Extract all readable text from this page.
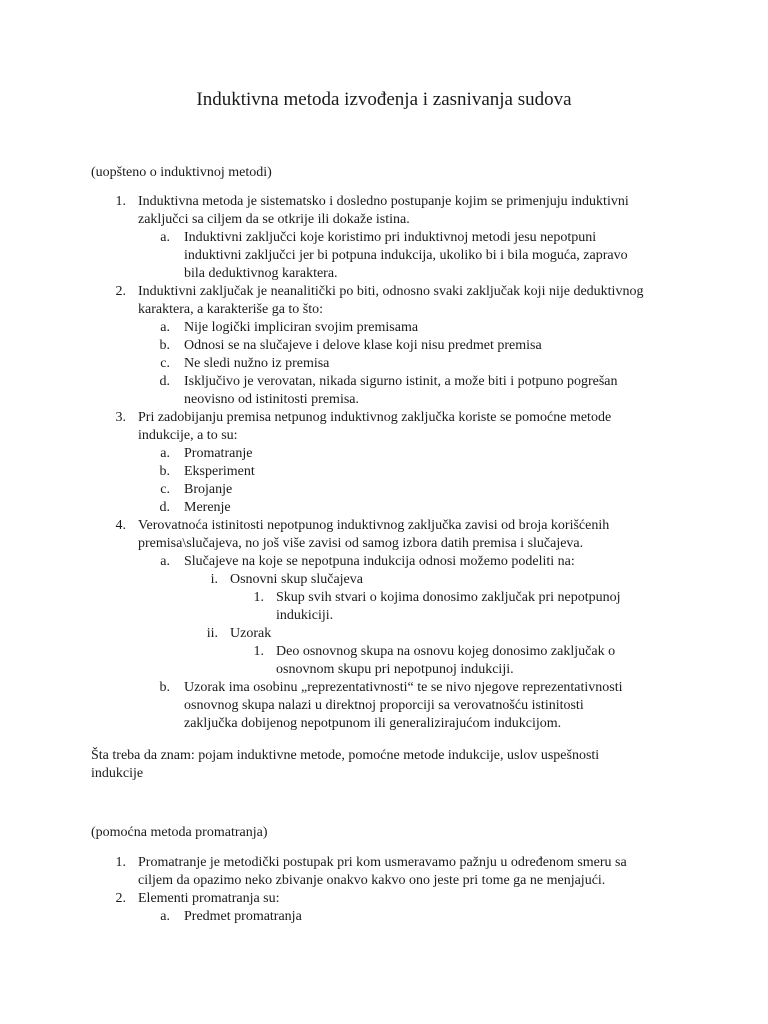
Induktivna metoda izvođenja i zasnivanja sudova
(uopšteno o induktivnoj metodi)
1. Induktivna metoda je sistematsko i dosledno postupanje kojim se primenjuju induktivni
zaključci sa ciljem da se otkrije ili dokaže istina.
a. Induktivni zaključci koje koristimo pri induktivnoj metodi jesu nepotpuni
induktivni zaključci jer bi potpuna indukcija, ukoliko bi i bila moguća, zapravo
bila deduktivnog karaktera.
2. Induktivni zaključak je neanalitički po biti, odnosno svaki zaključak koji nije deduktivnog
karaktera, a karakteriše ga to što:
a. Nije logički impliciran svojim premisama
b. Odnosi se na slučajeve i delove klase koji nisu predmet premisa
c. Ne sledi nužno iz premisa
d. Isključivo je verovatan, nikada sigurno istinit, a može biti i potpuno pogrešan
neovisno od istinitosti premisa.
3. Pri zadobijanju premisa netpunog induktivnog zaključka koriste se pomoćne metode
indukcije, a to su:
a. Promatranje
b. Eksperiment
c. Brojanje
d. Merenje
4. Verovatnoća istinitosti nepotpunog induktivnog zaključka zavisi od broja korišćenih
premisa\slučajeva, no još više zavisi od samog izbora datih premisa i slučajeva.
a. Slučajeve na koje se nepotpuna indukcija odnosi možemo podeliti na:
i. Osnovni skup slučajeva
1. Skup svih stvari o kojima donosimo zaključak pri nepotpunoj
indukiciji.
ii. Uzorak
1. Deo osnovnog skupa na osnovu kojeg donosimo zaključak o
osnovnom skupu pri nepotpunoj indukciji.
b. Uzorak ima osobinu „reprezentativnosti“ te se nivo njegove reprezentativnosti
osnovnog skupa nalazi u direktnoj proporciji sa verovatnošću istinitosti
zaključka dobijenog nepotpunom ili generalizirajućom indukcijom.
Šta treba da znam: pojam induktivne metode, pomoćne metode indukcije, uslov uspešnosti
indukcije
(pomoćna metoda promatranja)
1. Promatranje je metodički postupak pri kom usmeravamo pažnju u određenom smeru sa
ciljem da opazimo neko zbivanje onakvo kakvo ono jeste pri tome ga ne menjajući.
2. Elementi promatranja su:
a. Predmet promatranja
